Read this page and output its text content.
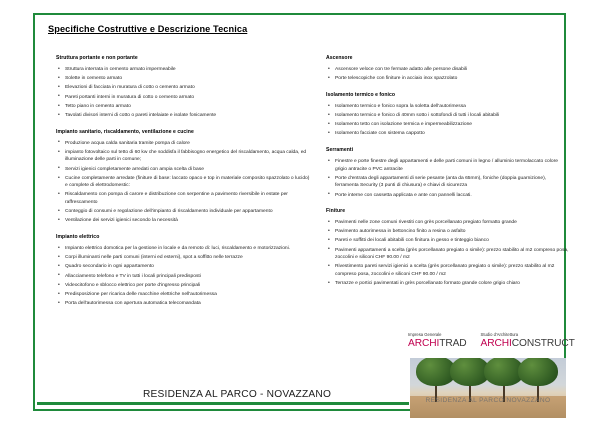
Specifiche Costruttive e Descrizione Tecnica
Struttura portante e non portante
• Struttura interrata in cemento armato impermeabile
• Solette in cemento armato
• Elevazioni di facciata in muratura di cotto o cemento armato
• Pareti portanti interni in muratura di cotto o cemento armato
• Tetto piano in cemento armato
• Tavolati divisori interni di cotto o pareti intelaiate e isolate fonicamente
Impianto sanitario, riscaldamento, ventilazione e cucine
• Produzione acqua calda sanitaria tramite pompa di calore
• impianto fotovoltaico sul tetto di 60 kw che soddisfa il fabbisogno energetico del riscaldamento, acqua calda, ed illuminazione delle parti in comune;
• Servizi igienici completamente arredati con ampia scelta di base
• Cucine completamente arredate (finiture di base: laccato opaco e top in materiale composito spazzolato o lucido) e complete di elettrodomestic:
• Riscaldamento con pompa di carore e distribuzione con serpentine a pavimento riversibile in estate per raffrescamento
• Conteggio di consumi e regolazione dell'impianto di riscaldamento individuale per appartamento
• Ventilazione dei servizi igienici secondo la necessità
Impianto elettrico
• Impianto elettrico domotica per la gestione in locale e da remoto di: luci, riscaldamento e motorizzazioni.
• Corpi illuminanti nelle parti comuni (interni ed esterni), spot a soffitto nelle terrazze
• Quadro secondario in ogni appartamento
• Allacciamento telefono e TV in tutti i locali principali predisposti
• Videocitofono e sblocco elettrico per porte d'ingresso principali
• Predisposizione per ricarica delle macchine elettriche nell'autorimessa
• Porta dell'autorimessa con apertura automatica telecomandata
Ascensore
• Ascensore veloce con tre fermate adatto alle persone disabili
• Porte telescopiche con finiture in acciaio inox spazzolato
Isolamento termico e fonico
• Isolamento termico e fonico sopra la soletta dell'autorimessa
• Isolamento termico e fonico di 40mm sotto i sottofondi di tutti i locali abitabili
• Isolamento tetto con isolazione termica e impermeabilizzazione
• Isolamento facciate con sistema cappotto
Serramenti
• Finestre e porte finestre degli appartamenti e delle parti comuni in legno / alluminio termolaccato colore grigio antracite o PVC antracite
• Porte d'entrata degli appartamenti di serie pesante (anta da 65mm), foniche (doppia guarnizione), ferramenta Security (3 punti di chiusura) e chiavi di sicurezza
• Porte interne con cassetta applicata e ante con pannelli laccati.
Finiture
• Pavimenti nelle zone comuni rivestiti con grès porcellanato pregiato formatto grande
• Pavimento autorimessa in bettoncino finito a resina o asfalto
• Pareti e soffitti dei locali abitabili con finitura in gesso e tinteggio bianco
• Pavimenti appartamenti a scelta (grès porcellanato pregiato o simile): prezzo stabilito al m2 compreso posa, zoccolini e siliconi CHF 90.00 / m2
• Rivestimento pareti servizi igienici a scelta (grès porcellanato pregiato o simile): prezzo stabilito al m2 compreso posa, zoccolini e siliconi CHF 90.00 / m2
• Terrazze e portici pavimentati in grès porcellanato formato grande colore grigio chiaro
Impresa Generale
ARCHITRAD
Studio d'Architettura
ARCHICONSTRUCT
RESIDENZA AL PARCO NOVAZZANO
RESIDENZA AL PARCO - NOVAZZANO
